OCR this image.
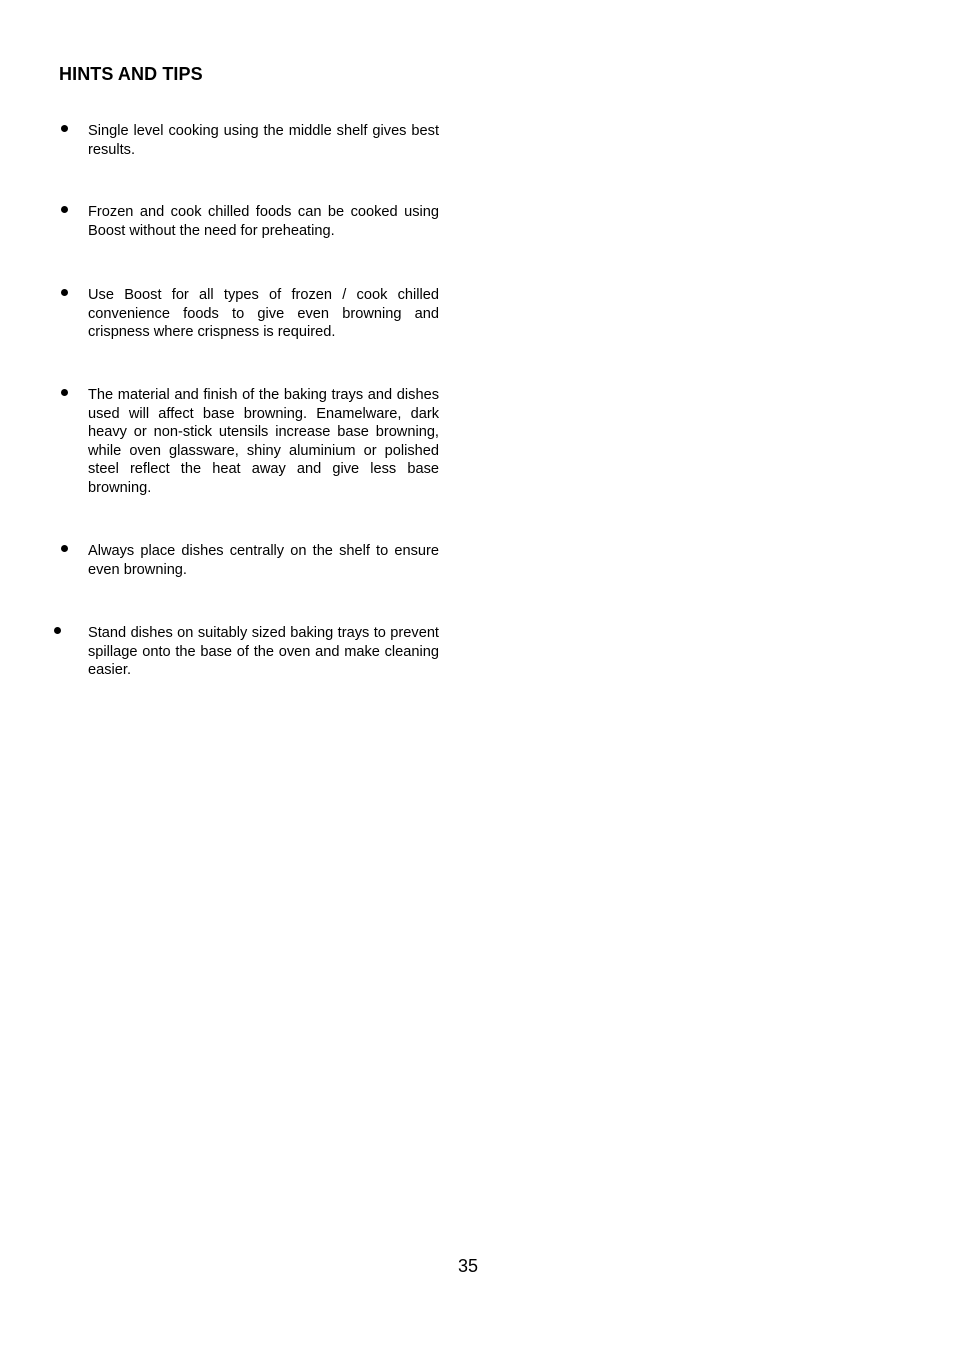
HINTS AND TIPS

Single level cooking using the middle shelf gives best results.

Frozen and cook chilled foods can be cooked using Boost without the need for preheating.

Use Boost for all types of frozen / cook chilled convenience foods to give even browning and crispness where crispness is required.

The material and finish of the baking trays and dishes used will affect base browning. Enamelware, dark heavy or non-stick utensils increase base browning, while oven glassware, shiny aluminium or polished steel reflect the heat away and give less base browning.

Always place dishes centrally on the shelf to ensure even browning.

Stand dishes on suitably sized baking trays to prevent spillage onto the base of the oven and make cleaning easier.

35
